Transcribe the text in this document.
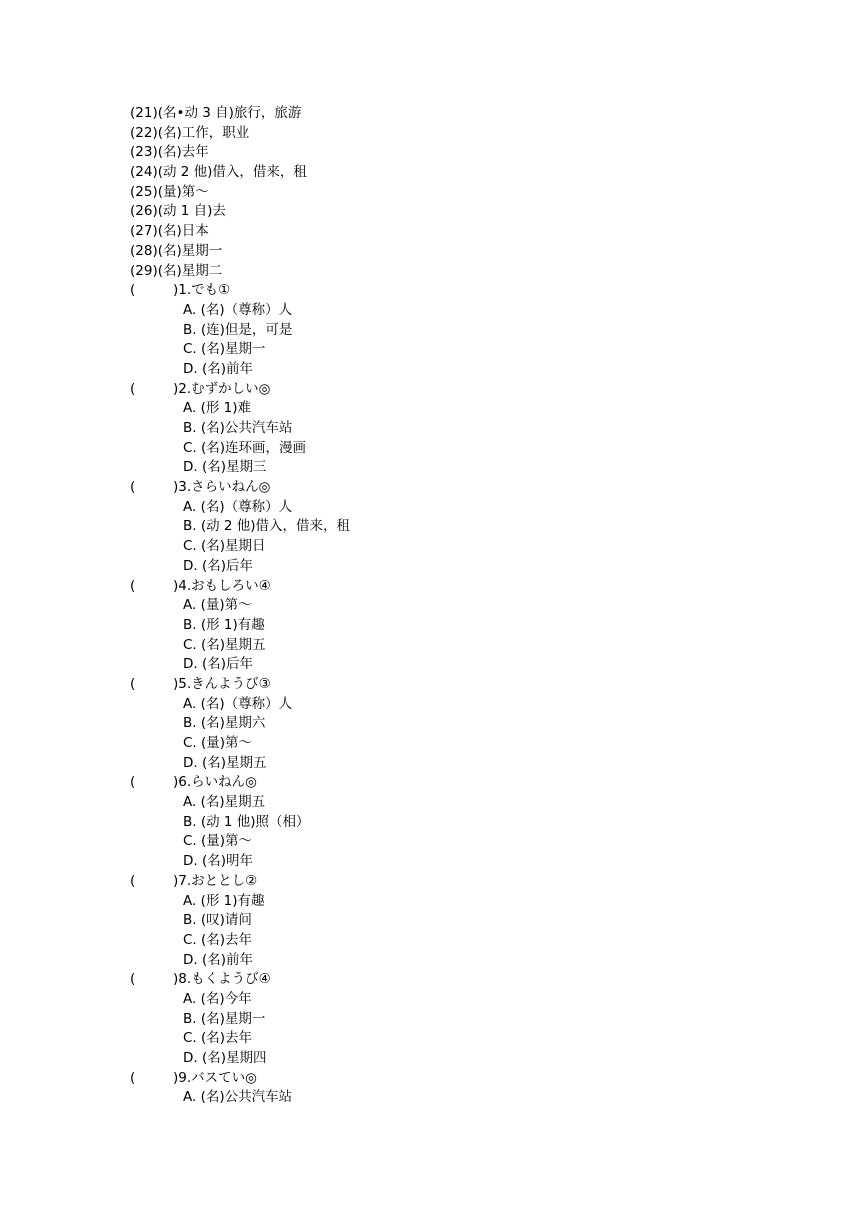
(21)(名•动 3 自)旅行，旅游
(22)(名)工作，职业
(23)(名)去年
(24)(动 2 他)借入，借来，租
(25)(量)第～
(26)(动 1 自)去
(27)(名)日本
(28)(名)星期一
(29)(名)星期二
(	)1.でも①
A. (名)（尊称）人
B. (连)但是，可是
C. (名)星期一
D. (名)前年
(	)2.むずかしい◎
A. (形 1)难
B. (名)公共汽车站
C. (名)连环画，漫画
D. (名)星期三
(	)3.さらいねん◎
A. (名)（尊称）人
B. (动 2 他)借入，借来，租
C. (名)星期日
D. (名)后年
(	)4.おもしろい④
A. (量)第～
B. (形 1)有趣
C. (名)星期五
D. (名)后年
(	)5.きんようび③
A. (名)（尊称）人
B. (名)星期六
C. (量)第～
D. (名)星期五
(	)6.らいねん◎
A. (名)星期五
B. (动 1 他)照（相）
C. (量)第～
D. (名)明年
(	)7.おととし②
A. (形 1)有趣
B. (叹)请问
C. (名)去年
D. (名)前年
(	)8.もくようび④
A. (名)今年
B. (名)星期一
C. (名)去年
D. (名)星期四
(	)9.バスてい◎
A. (名)公共汽车站
